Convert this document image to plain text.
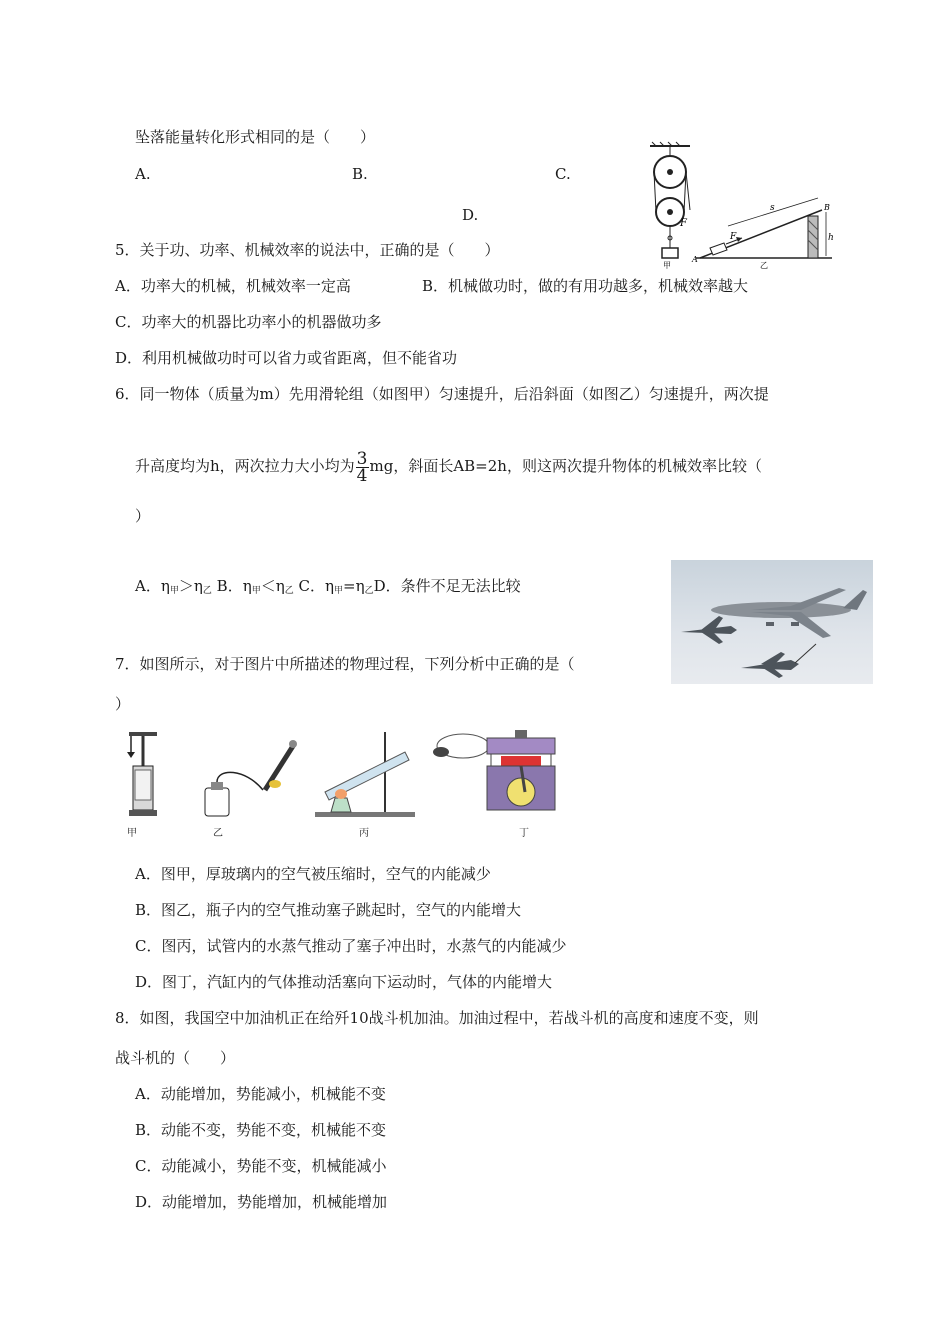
坠落能量转化形式相同的是（　　）
A.	B.	C.
D.	F
甲
F
s
h
A
B
乙
5．关于功、功率、机械效率的说法中，正确的是（　　）
A．功率大的机械，机械效率一定高	B．机械做功时，做的有用功越多，机械效率越大
C．功率大的机器比功率小的机器做功多
D．利用机械做功时可以省力或省距离，但不能省功
6．同一物体（质量为m）先用滑轮组（如图甲）匀速提升，后沿斜面（如图乙）匀速提升，两次提
升高度均为h，两次拉力大小均为 $\frac{3}{4}$ mg，斜面长AB=2h，则这两次提升物体的机械效率比较（
）
A．η甲＞η乙 B．η甲＜η乙 C．η甲=η乙D．条件不足无法比较
7．如图所示，对于图片中所描述的物理过程，下列分析中正确的是（
）
甲	乙	丙	丁
A．图甲，厚玻璃内的空气被压缩时，空气的内能减少
B．图乙，瓶子内的空气推动塞子跳起时，空气的内能增大
C．图丙，试管内的水蒸气推动了塞子冲出时，水蒸气的内能减少
D．图丁，汽缸内的气体推动活塞向下运动时，气体的内能增大
8．如图，我国空中加油机正在给歼10战斗机加油。加油过程中，若战斗机的高度和速度不变，则
战斗机的（　　）
A．动能增加，势能减小，机械能不变
B．动能不变，势能不变，机械能不变
C．动能减小，势能不变，机械能减小
D．动能增加，势能增加，机械能增加
